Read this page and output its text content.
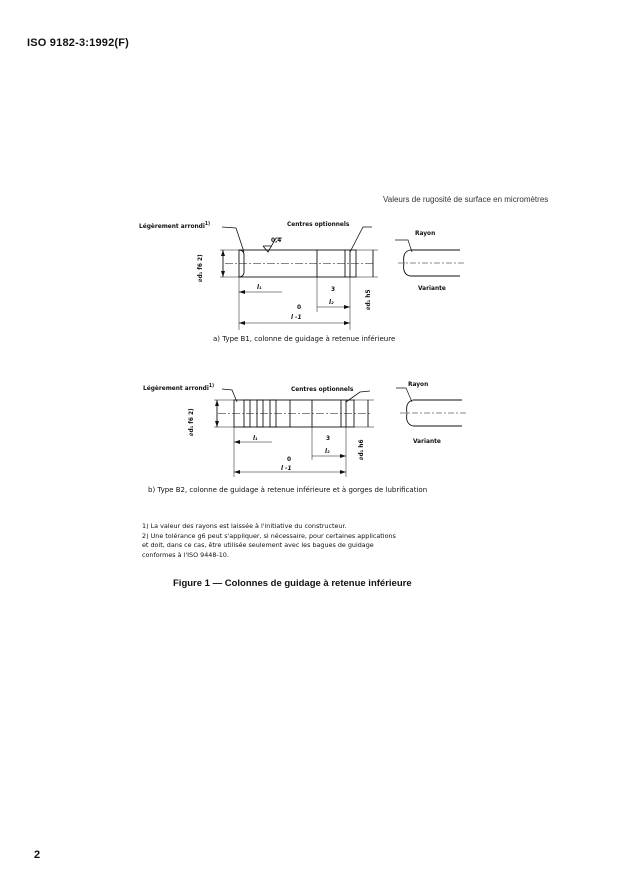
ISO 9182-3:1992(F)
Valeurs de rugosité de surface en micromètres
Légèrement arrondi$^{1)}$	Centres optionnels
Rayon
Variante
0,4
⌀d₁ f6 2)
⌀d₁ h5
l₁	3
l₂
0
l -1
a) Type B1, colonne de guidage à retenue inférieure
Légèrement arrondi$^{1)}$	Centres optionnels
Rayon
Variante
⌀d₁ f6 2)
⌀d₁ h6
l₁	3
l₂
0
l -1
b) Type B2, colonne de guidage à retenue inférieure et à gorges de lubrification

1) La valeur des rayons est laissée à l'initiative du constructeur.

2) Une tolérance g6 peut s'appliquer, si nécessaire, pour certaines applications

et doit, dans ce cas, être utilisée seulement avec les bagues de guidage

conformes à l'ISO 9448-10.

Figure 1 — Colonnes de guidage à retenue inférieure
2
